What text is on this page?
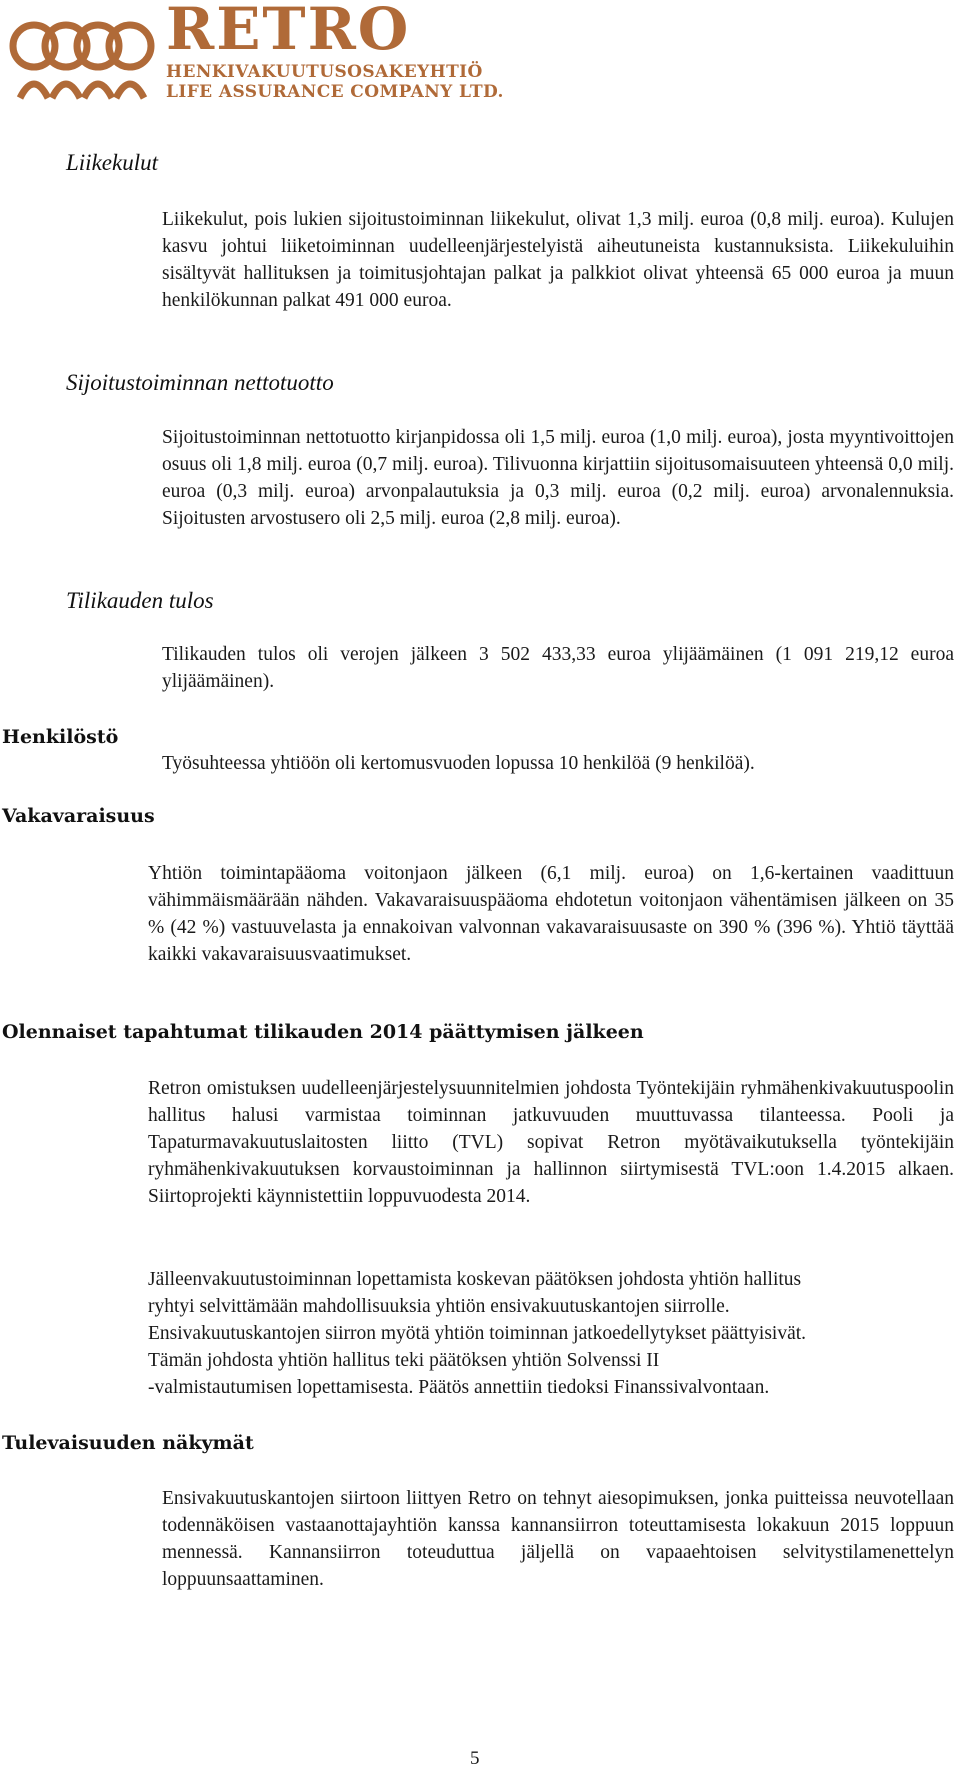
RETRO
HENKIVAKUUTUSOSAKEYHTIÖ
LIFE ASSURANCE COMPANY LTD.
Liikekulut

Liikekulut, pois lukien sijoitustoiminnan liikekulut, olivat 1,3 milj. euroa (0,8 milj. euroa). Kulujen kasvu johtui liiketoiminnan uudelleenjärjestelyistä aiheutuneista kustannuksista. Liikekuluihin sisältyvät hallituksen ja toimitusjohtajan palkat ja palkkiot olivat yhteensä 65 000 euroa ja muun henkilökunnan palkat 491 000 euroa.

Sijoitustoiminnan nettotuotto

Sijoitustoiminnan nettotuotto kirjanpidossa oli 1,5 milj. euroa (1,0 milj. euroa), josta myyntivoittojen osuus oli 1,8 milj. euroa (0,7 milj. euroa). Tilivuonna kirjattiin sijoitusomaisuuteen yhteensä 0,0 milj. euroa (0,3 milj. euroa) arvonpalautuksia ja 0,3 milj. euroa (0,2 milj. euroa) arvonalennuksia. Sijoitusten arvostusero oli 2,5 milj. euroa (2,8 milj. euroa).

Tilikauden tulos

Tilikauden tulos oli verojen jälkeen 3 502 433,33 euroa ylijäämäinen (1 091 219,12 euroa ylijäämäinen).

Henkilöstö

Työsuhteessa yhtiöön oli kertomusvuoden lopussa 10 henkilöä (9 henkilöä).

Vakavaraisuus

Yhtiön toimintapääoma voitonjaon jälkeen (6,1 milj. euroa) on 1,6-kertainen vaadittuun vähimmäismäärään nähden. Vakavaraisuuspääoma ehdotetun voitonjaon vähentämisen jälkeen on 35 % (42 %) vastuuvelasta ja ennakoivan valvonnan vakavaraisuusaste on 390 % (396 %). Yhtiö täyttää kaikki vakavaraisuusvaatimukset.

Olennaiset tapahtumat tilikauden 2014 päättymisen jälkeen

Retron omistuksen uudelleenjärjestelysuunnitelmien johdosta Työntekijäin ryhmähenkivakuutuspoolin hallitus halusi varmistaa toiminnan jatkuvuuden muuttuvassa tilanteessa. Pooli ja Tapaturmavakuutuslaitosten liitto (TVL) sopivat Retron myötävaikutuksella työntekijäin ryhmähenkivakuutuksen korvaustoiminnan ja hallinnon siirtymisestä TVL:oon 1.4.2015 alkaen. Siirtoprojekti käynnistettiin loppuvuodesta 2014.

Jälleenvakuutustoiminnan lopettamista koskevan päätöksen johdosta yhtiön hallitus
ryhtyi selvittämään mahdollisuuksia yhtiön ensivakuutuskantojen siirrolle.
Ensivakuutuskantojen siirron myötä yhtiön toiminnan jatkoedellytykset päättyisivät.
Tämän johdosta yhtiön hallitus teki päätöksen yhtiön Solvenssi II
-valmistautumisen lopettamisesta. Päätös annettiin tiedoksi Finanssivalvontaan.
Tulevaisuuden näkymät

Ensivakuutuskantojen siirtoon liittyen Retro on tehnyt aiesopimuksen, jonka puitteissa neuvotellaan todennäköisen vastaanottajayhtiön kanssa kannansiirron toteuttamisesta lokakuun 2015 loppuun mennessä. Kannansiirron toteuduttua jäljellä on vapaaehtoisen selvitystilamenettelyn loppuunsaattaminen.

5
